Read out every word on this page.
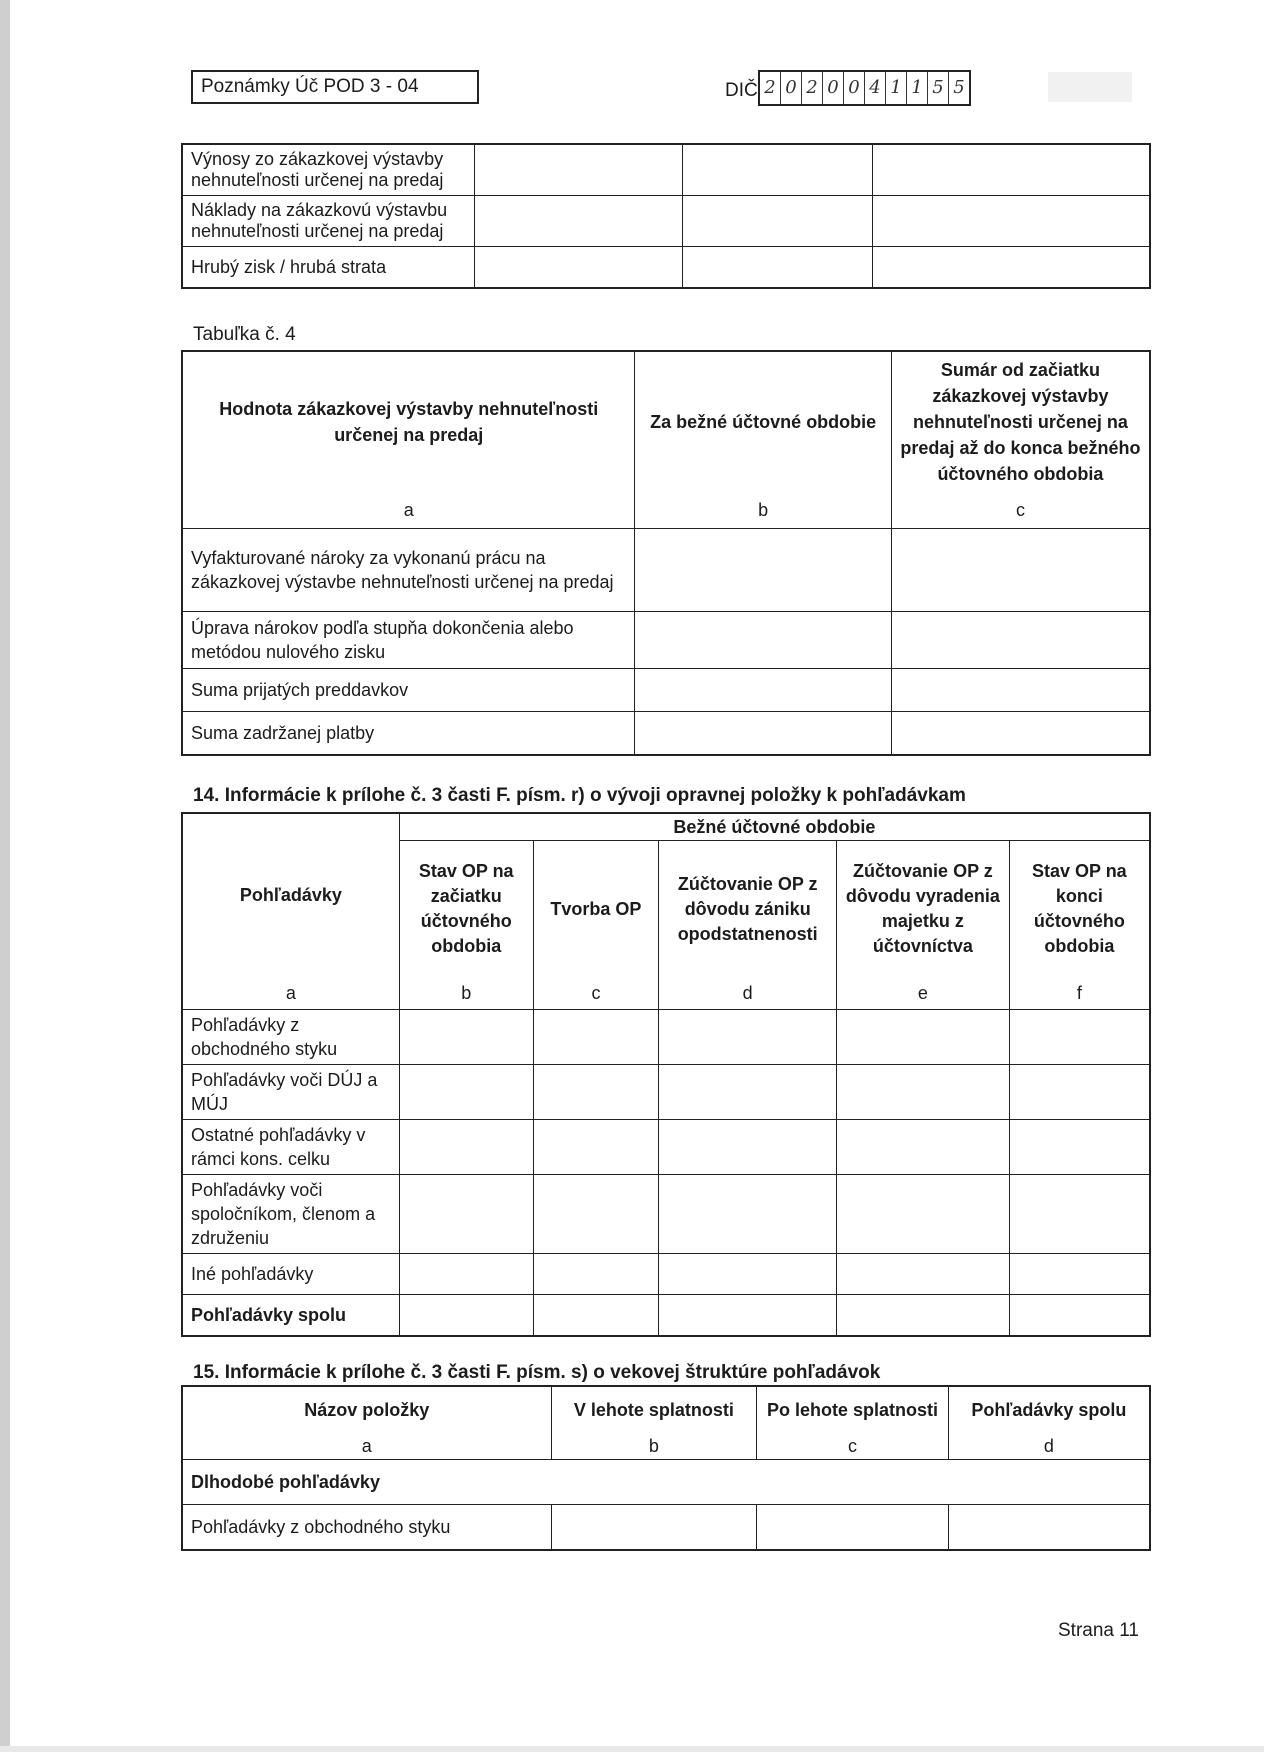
Poznámky Úč POD 3 - 04	DIČ 2 0 2 0 0 4 1 1 5 5
Výnosy zo zákazkovej výstavby nehnuteľnosti určenej na predaj			
Náklady na zákazkovú výstavbu nehnuteľnosti určenej na predaj			
Hrubý zisk / hrubá strata			
Tabuľka č. 4
Hodnota zákazkovej výstavby nehnuteľnosti určenej na predaj	Za bežné účtovné obdobie	Sumár od začiatku zákazkovej výstavby nehnuteľnosti určenej na predaj až do konca bežného účtovného obdobia
a	b	c
Vyfakturované nároky za vykonanú prácu na zákazkovej výstavbe nehnuteľnosti určenej na predaj		
Úprava nárokov podľa stupňa dokončenia alebo metódou nulového zisku		
Suma prijatých preddavkov		
Suma zadržanej platby		
14. Informácie k prílohe č. 3 časti F. písm. r) o vývoji opravnej položky k pohľadávkam
Pohľadávky	Bežné účtovné obdobie				
	Stav OP na začiatku účtovného obdobia	Tvorba OP	Zúčtovanie OP z dôvodu zániku opodstatnenosti	Zúčtovanie OP z dôvodu vyradenia majetku z účtovníctva	Stav OP na konci účtovného obdobia
a	b	c	d	e	f
Pohľadávky z obchodného styku					
Pohľadávky voči DÚJ a MÚJ					
Ostatné pohľadávky v rámci kons. celku					
Pohľadávky voči spoločníkom, členom a združeniu					
Iné pohľadávky					
Pohľadávky spolu					
15. Informácie k prílohe č. 3 časti F. písm. s) o vekovej štruktúre pohľadávok
Názov položky	V lehote splatnosti	Po lehote splatnosti	Pohľadávky spolu
a	b	c	d
Dlhodobé pohľadávky			
Pohľadávky z obchodného styku			
Strana 11
